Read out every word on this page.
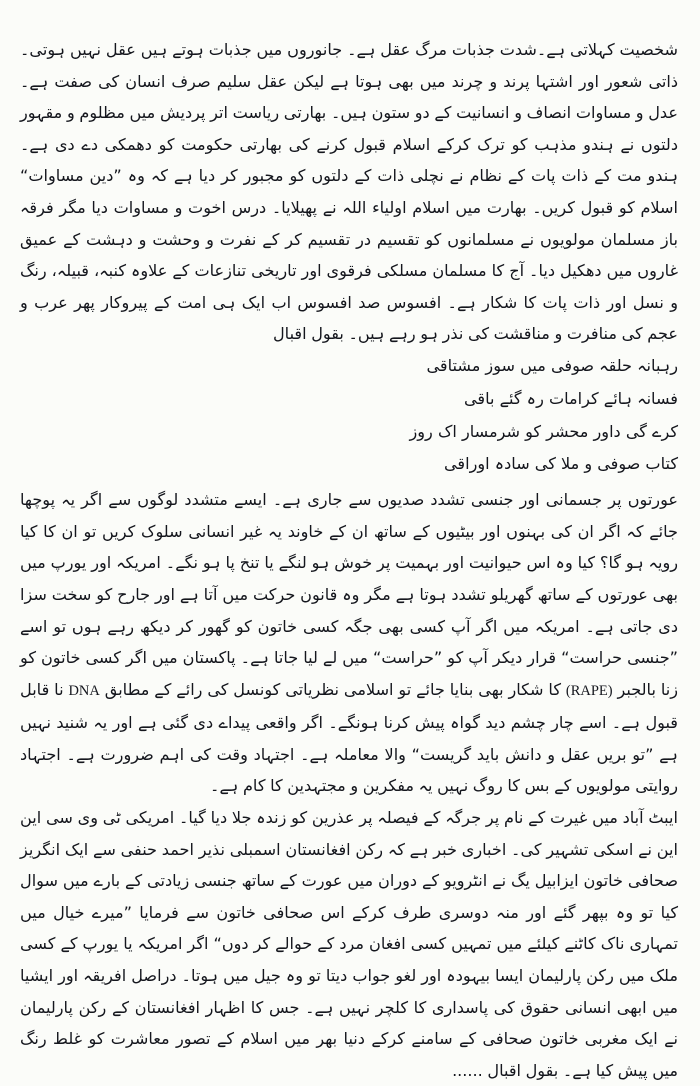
شخصیت کہلاتی ہے۔شدت جذبات مرگ عقل ہے۔ جانوروں میں جذبات ہوتے ہیں عقل نہیں ہوتی۔ ذاتی شعور اور اشتہا پرند و چرند میں بھی ہوتا ہے لیکن عقل سلیم صرف انسان کی صفت ہے۔ عدل و مساوات انصاف و انسانیت کے دو ستون ہیں۔ بھارتی ریاست اتر پردیش میں مظلوم و مقہور دلتوں نے ہندو مذہب کو ترک کرکے اسلام قبول کرنے کی بھارتی حکومت کو دھمکی دے دی ہے۔ ہندو مت کے ذات پات کے نظام نے نچلی ذات کے دلتوں کو مجبور کر دیا ہے کہ وہ ”دین مساوات“ اسلام کو قبول کریں۔ بھارت میں اسلام اولیاء اللہ نے پھیلایا۔ درس اخوت و مساوات دیا مگر فرقہ باز مسلمان مولویوں نے مسلمانوں کو تقسیم در تقسیم کر کے نفرت و وحشت و دہشت کے عمیق غاروں میں دھکیل دیا۔ آج کا مسلمان مسلکی فرقوی اور تاریخی تنازعات کے علاوہ کنبہ، قبیلہ، رنگ و نسل اور ذات پات کا شکار ہے۔ افسوس صد افسوس اب ایک ہی امت کے پیروکار پھر عرب و عجم کی منافرت و مناقشت کی نذر ہو رہے ہیں۔ بقول اقبال

رہبانہ حلقہ صوفی میں سوز مشتاقی
فسانہ ہائے کرامات رہ گئے باقی
کرے گی داور محشر کو شرمسار اک روز
کتاب صوفی و ملا کی سادہ اوراقی

عورتوں پر جسمانی اور جنسی تشدد صدیوں سے جاری ہے۔ ایسے متشدد لوگوں سے اگر یہ پوچھا جائے کہ اگر ان کی بہنوں اور بیٹیوں کے ساتھ ان کے خاوند یہ غیر انسانی سلوک کریں تو ان کا کیا رویہ ہو گا؟ کیا وہ اس حیوانیت اور بہمیت پر خوش ہو لنگے یا تنخ پا ہو نگے۔ امریکہ اور یورپ میں بھی عورتوں کے ساتھ گھریلو تشدد ہوتا ہے مگر وہ قانون حرکت میں آتا ہے اور جارح کو سخت سزا دی جاتی ہے۔ امریکہ میں اگر آپ کسی بھی جگہ کسی خاتون کو گھور کر دیکھ رہے ہوں تو اسے ”جنسی حراست“ قرار دیکر آپ کو ”حراست“ میں لے لیا جاتا ہے۔ پاکستان میں اگر کسی خاتون کو زنا بالجبر (RAPE) کا شکار بھی بنایا جائے تو اسلامی نظریاتی کونسل کی رائے کے مطابق DNA نا قابل قبول ہے۔ اسے چار چشم دید گواہ پیش کرنا ہونگے۔ اگر واقعی پیداے دی گئی ہے اور یہ شنید نہیں ہے ”تو بریں عقل و دانش باید گریست“ والا معاملہ ہے۔ اجتہاد وقت کی اہم ضرورت ہے۔ اجتہاد روایتی مولویوں کے بس کا روگ نہیں یہ مفکرین و مجتہدین کا کام ہے۔

ایبٹ آباد میں غیرت کے نام پر جرگہ کے فیصلہ پر عذرین کو زندہ جلا دیا گیا۔ امریکی ٹی وی سی این این نے اسکی تشہیر کی۔ اخباری خبر ہے کہ رکن افغانستان اسمبلی نذیر احمد حنفی سے ایک انگریز صحافی خاتون ایزابیل یگ نے انٹرویو کے دوران میں عورت کے ساتھ جنسی زیادتی کے بارے میں سوال کیا تو وہ بپھر گئے اور منہ دوسری طرف کرکے اس صحافی خاتون سے فرمایا ”میرے خیال میں تمہاری ناک کاٹنے کیلئے میں تمہیں کسی افغان مرد کے حوالے کر دوں“ اگر امریکہ یا یورپ کے کسی ملک میں رکن پارلیمان ایسا بیہودہ اور لغو جواب دیتا تو وہ جیل میں ہوتا۔ دراصل افریقہ اور ایشیا میں ابھی انسانی حقوق کی پاسداری کا کلچر نہیں ہے۔ جس کا اظہار افغانستان کے رکن پارلیمان نے ایک مغربی خاتون صحافی کے سامنے کرکے دنیا بھر میں اسلام کے تصور معاشرت کو غلط رنگ میں پیش کیا ہے۔ بقول اقبال ......
